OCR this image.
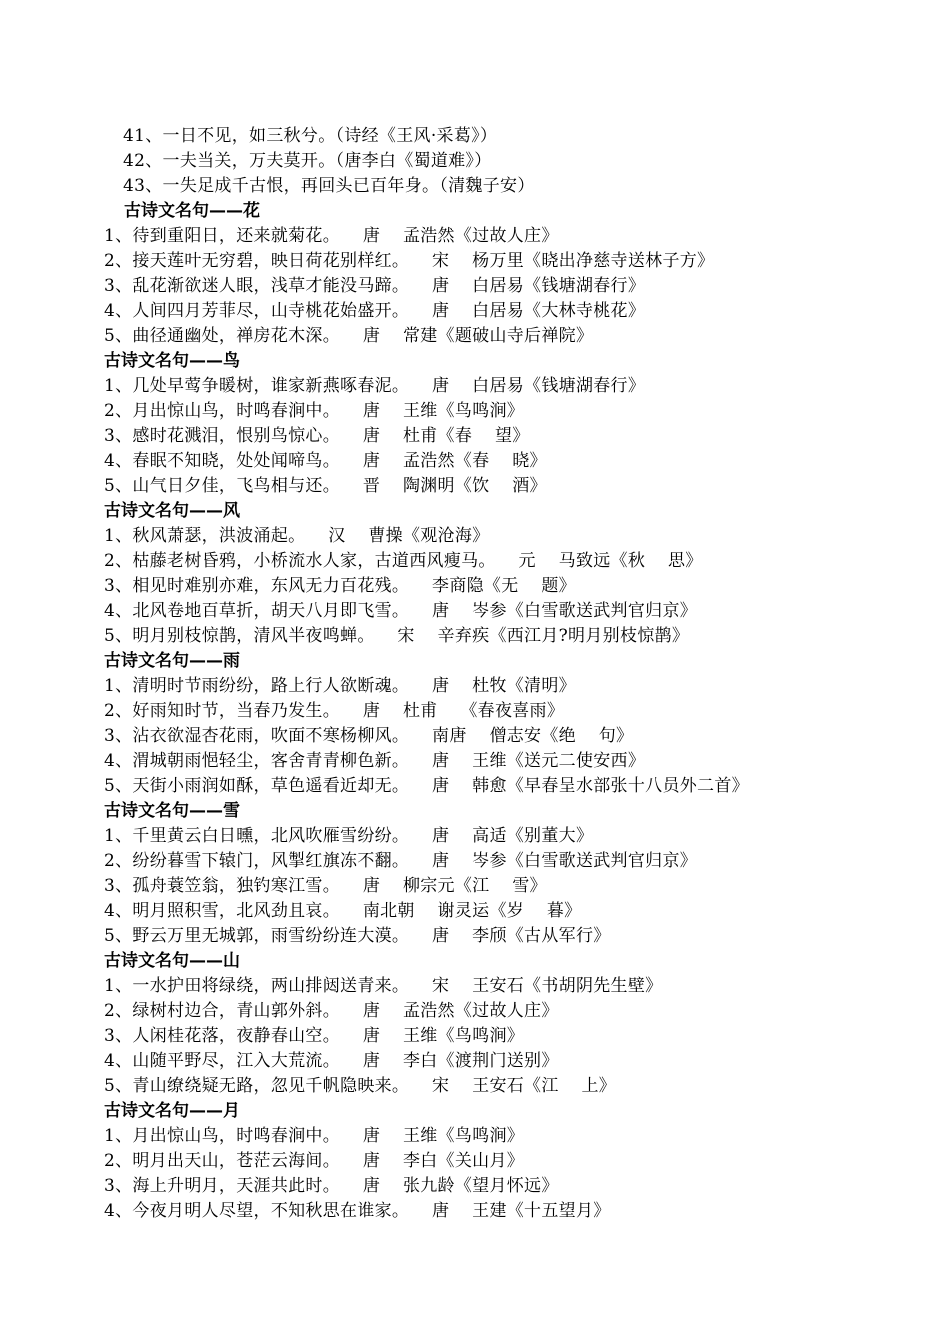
41、一日不见，如三秋兮。（诗经《王风·采葛》）
42、一夫当关，万夫莫开。（唐李白《蜀道难》）
43、一失足成千古恨，再回头已百年身。（清魏子安）
古诗文名句——花
1、待到重阳日，还来就菊花。    唐    孟浩然《过故人庄》
2、接天莲叶无穷碧，映日荷花别样红。    宋    杨万里《晓出净慈寺送林子方》
3、乱花渐欲迷人眼，浅草才能没马蹄。    唐    白居易《钱塘湖春行》
4、人间四月芳菲尽，山寺桃花始盛开。    唐    白居易《大林寺桃花》
5、曲径通幽处，禅房花木深。    唐    常建《题破山寺后禅院》
古诗文名句——鸟
1、几处早莺争暖树，谁家新燕啄春泥。    唐    白居易《钱塘湖春行》
2、月出惊山鸟，时鸣春涧中。    唐    王维《鸟鸣涧》
3、感时花溅泪，恨别鸟惊心。    唐    杜甫《春    望》
4、春眠不知晓，处处闻啼鸟。    唐    孟浩然《春    晓》
5、山气日夕佳，飞鸟相与还。    晋    陶渊明《饮    酒》
古诗文名句——风
1、秋风萧瑟，洪波涌起。    汉    曹操《观沧海》
2、枯藤老树昏鸦，小桥流水人家，古道西风瘦马。    元    马致远《秋    思》
3、相见时难别亦难，东风无力百花残。    李商隐《无    题》
4、北风卷地百草折，胡天八月即飞雪。    唐    岑参《白雪歌送武判官归京》
5、明月别枝惊鹊，清风半夜鸣蝉。    宋    辛弃疾《西江月?明月别枝惊鹊》
古诗文名句——雨
1、清明时节雨纷纷，路上行人欲断魂。    唐    杜牧《清明》
2、好雨知时节，当春乃发生。    唐    杜甫    《春夜喜雨》
3、沾衣欲湿杏花雨，吹面不寒杨柳风。    南唐    僧志安《绝    句》
4、渭城朝雨悒轻尘，客舍青青柳色新。    唐    王维《送元二使安西》
5、天街小雨润如酥，草色遥看近却无。    唐    韩愈《早春呈水部张十八员外二首》
古诗文名句——雪
1、千里黄云白日曛，北风吹雁雪纷纷。    唐    高适《别董大》
2、纷纷暮雪下辕门，风掣红旗冻不翻。    唐    岑参《白雪歌送武判官归京》
3、孤舟蓑笠翁，独钓寒江雪。    唐    柳宗元《江    雪》
4、明月照积雪，北风劲且哀。    南北朝    谢灵运《岁    暮》
5、野云万里无城郭，雨雪纷纷连大漠。    唐    李颀《古从军行》
古诗文名句——山
1、一水护田将绿绕，两山排闼送青来。    宋    王安石《书胡阴先生壁》
2、绿树村边合，青山郭外斜。    唐    孟浩然《过故人庄》
3、人闲桂花落，夜静春山空。    唐    王维《鸟鸣涧》
4、山随平野尽，江入大荒流。    唐    李白《渡荆门送别》
5、青山缭绕疑无路，忽见千帆隐映来。    宋    王安石《江    上》
古诗文名句——月
1、月出惊山鸟，时鸣春涧中。    唐    王维《鸟鸣涧》
2、明月出天山，苍茫云海间。    唐    李白《关山月》
3、海上升明月，天涯共此时。    唐    张九龄《望月怀远》
4、今夜月明人尽望，不知秋思在谁家。    唐    王建《十五望月》
